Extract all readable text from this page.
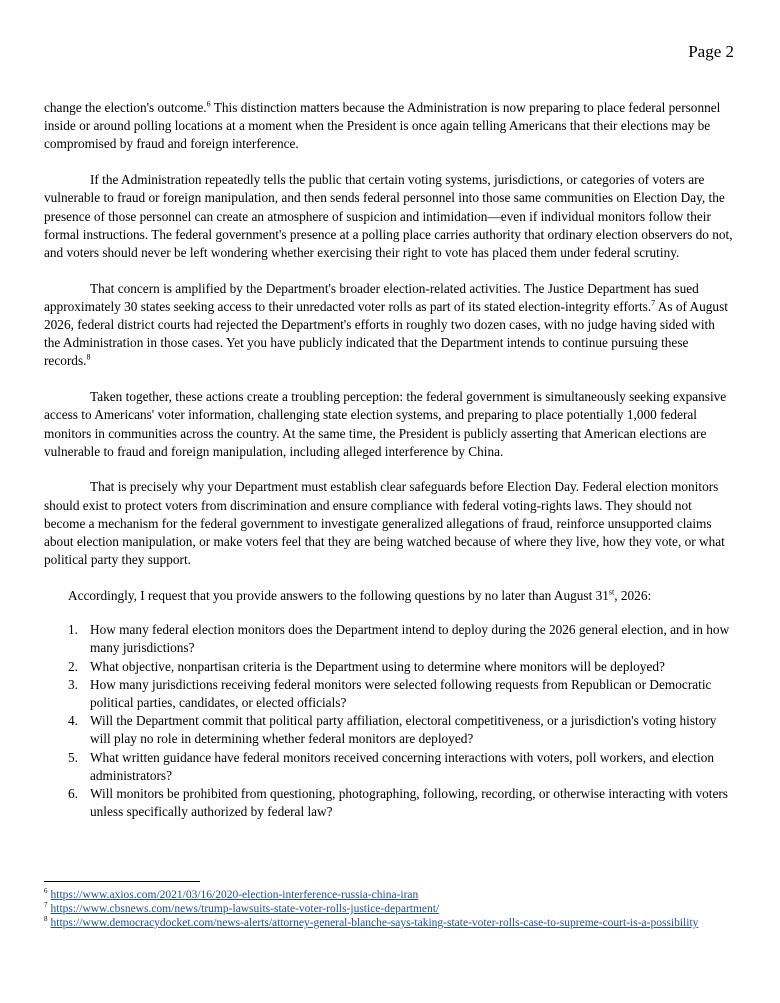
Page 2

change the election's outcome.$^6$ This distinction matters because the Administration is now preparing to place federal personnel inside or around polling locations at a moment when the President is once again telling Americans that their elections may be compromised by fraud and foreign interference.

If the Administration repeatedly tells the public that certain voting systems, jurisdictions, or categories of voters are vulnerable to fraud or foreign manipulation, and then sends federal personnel into those same communities on Election Day, the presence of those personnel can create an atmosphere of suspicion and intimidation—even if individual monitors follow their formal instructions. The federal government's presence at a polling place carries authority that ordinary election observers do not, and voters should never be left wondering whether exercising their right to vote has placed them under federal scrutiny.

That concern is amplified by the Department's broader election-related activities. The Justice Department has sued approximately 30 states seeking access to their unredacted voter rolls as part of its stated election-integrity efforts.$^7$ As of August 2026, federal district courts had rejected the Department's efforts in roughly two dozen cases, with no judge having sided with the Administration in those cases. Yet you have publicly indicated that the Department intends to continue pursuing these records.$^8$

Taken together, these actions create a troubling perception: the federal government is simultaneously seeking expansive access to Americans' voter information, challenging state election systems, and preparing to place potentially 1,000 federal monitors in communities across the country. At the same time, the President is publicly asserting that American elections are vulnerable to fraud and foreign manipulation, including alleged interference by China.

That is precisely why your Department must establish clear safeguards before Election Day. Federal election monitors should exist to protect voters from discrimination and ensure compliance with federal voting-rights laws. They should not become a mechanism for the federal government to investigate generalized allegations of fraud, reinforce unsupported claims about election manipulation, or make voters feel that they are being watched because of where they live, how they vote, or what political party they support.

Accordingly, I request that you provide answers to the following questions by no later than August 31st, 2026:

1. How many federal election monitors does the Department intend to deploy during the 2026 general election, and in how many jurisdictions?
2. What objective, nonpartisan criteria is the Department using to determine where monitors will be deployed?
3. How many jurisdictions receiving federal monitors were selected following requests from Republican or Democratic political parties, candidates, or elected officials?
4. Will the Department commit that political party affiliation, electoral competitiveness, or a jurisdiction's voting history will play no role in determining whether federal monitors are deployed?
5. What written guidance have federal monitors received concerning interactions with voters, poll workers, and election administrators?
6. Will monitors be prohibited from questioning, photographing, following, recording, or otherwise interacting with voters unless specifically authorized by federal law?

$^6$ https://www.axios.com/2021/03/16/2020-election-interference-russia-china-iran

$^7$ https://www.cbsnews.com/news/trump-lawsuits-state-voter-rolls-justice-department/

$^8$ https://www.democracydocket.com/news-alerts/attorney-general-blanche-says-taking-state-voter-rolls-case-to-supreme-court-is-a-possibility
